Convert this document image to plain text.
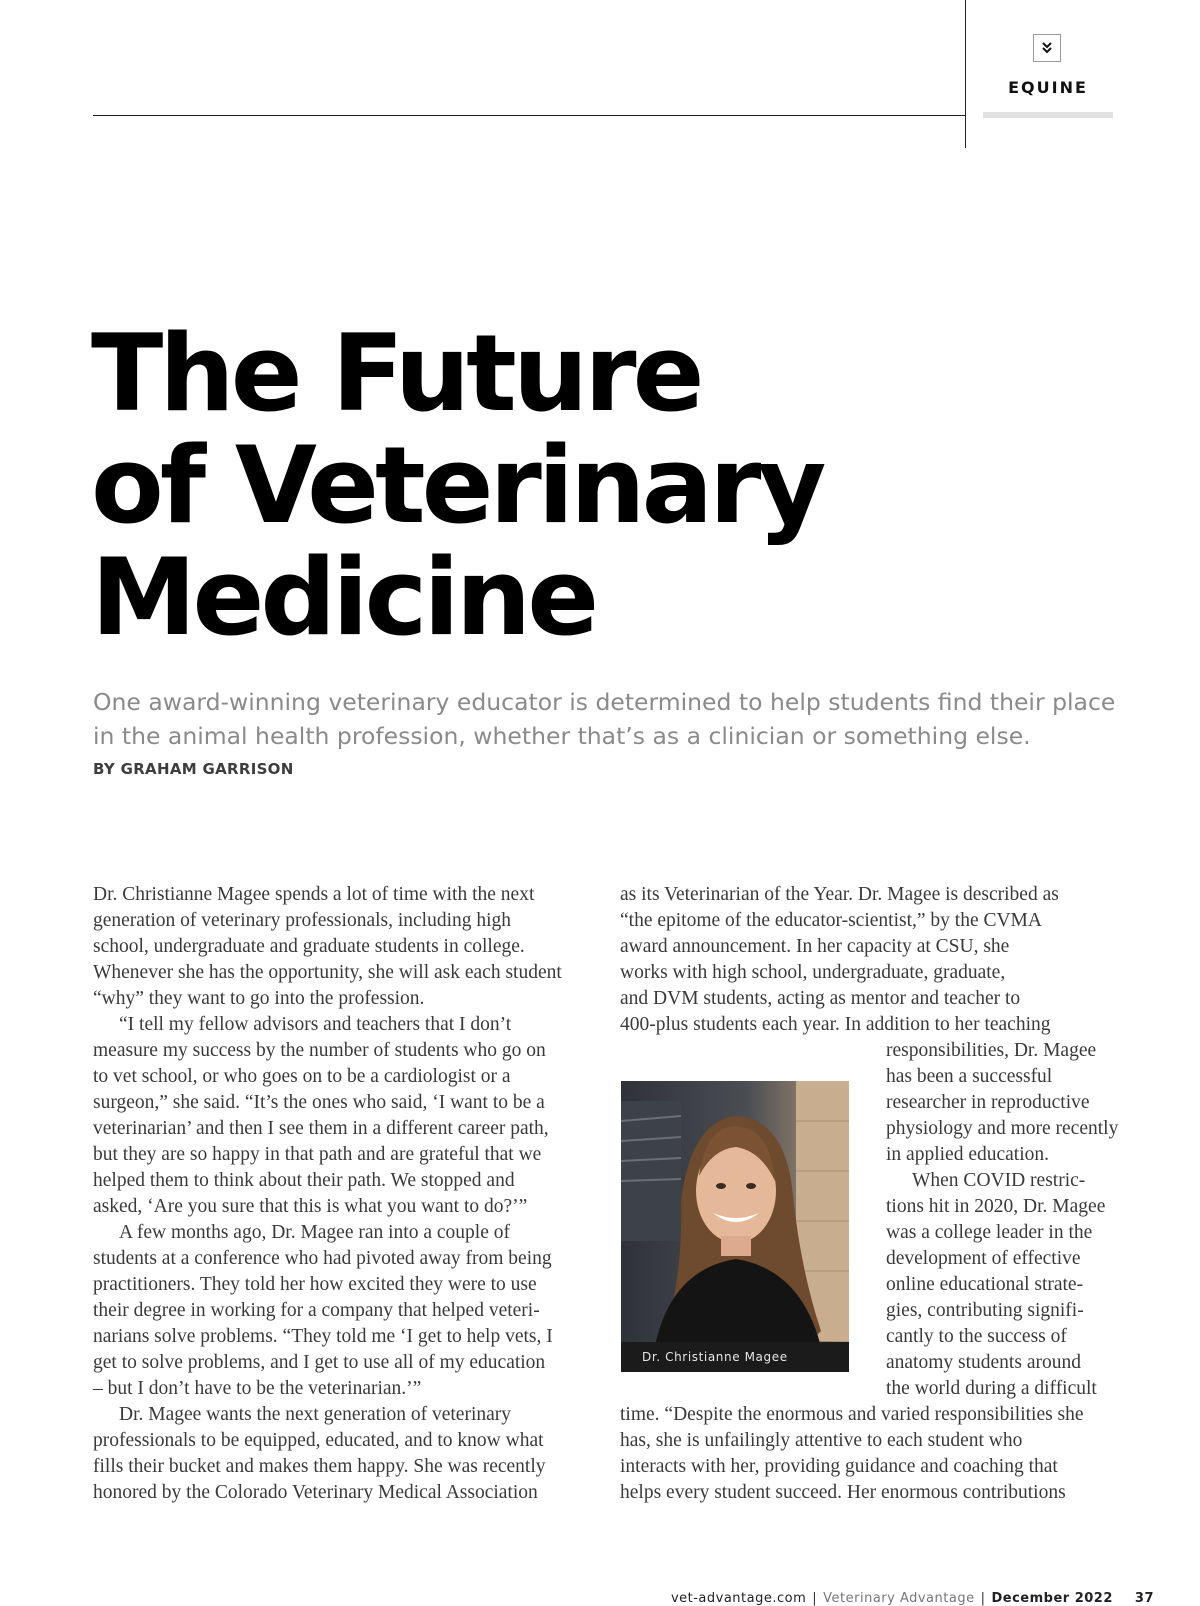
EQUINE
The Future
of Veterinary
Medicine

One award-winning veterinary educator is determined to help students find their place in the animal health profession, whether that’s as a clinician or something else.

BY GRAHAM GARRISON
Dr. Christianne Magee spends a lot of time with the next
generation of veterinary professionals, including high
school, undergraduate and graduate students in college.
Whenever she has the opportunity, she will ask each student
“why” they want to go into the profession.
“I tell my fellow advisors and teachers that I don’t
measure my success by the number of students who go on
to vet school, or who goes on to be a cardiologist or a
surgeon,” she said. “It’s the ones who said, ‘I want to be a
veterinarian’ and then I see them in a different career path,
but they are so happy in that path and are grateful that we
helped them to think about their path. We stopped and
asked, ‘Are you sure that this is what you want to do?’”
A few months ago, Dr. Magee ran into a couple of
students at a conference who had pivoted away from being
practitioners. They told her how excited they were to use
their degree in working for a company that helped veteri-
narians solve problems. “They told me ‘I get to help vets, I
get to solve problems, and I get to use all of my education
– but I don’t have to be the veterinarian.’”
Dr. Magee wants the next generation of veterinary
professionals to be equipped, educated, and to know what
fills their bucket and makes them happy. She was recently
honored by the Colorado Veterinary Medical Association
as its Veterinarian of the Year. Dr. Magee is described as
“the epitome of the educator-scientist,” by the CVMA
award announcement. In her capacity at CSU, she
works with high school, undergraduate, graduate,
and DVM students, acting as mentor and teacher to
400-plus students each year. In addition to her teaching
responsibilities, Dr. Magee
has been a successful
researcher in reproductive
physiology and more recently
in applied education.
When COVID restric-
tions hit in 2020, Dr. Magee
was a college leader in the
development of effective
online educational strate-
gies, contributing signifi-
cantly to the success of
anatomy students around
the world during a difficult
time. “Despite the enormous and varied responsibilities she
has, she is unfailingly attentive to each student who
interacts with her, providing guidance and coaching that
helps every student succeed. Her enormous contributions
Dr. Christianne Magee
vet-advantage.com | Veterinary Advantage | December 2022 37
